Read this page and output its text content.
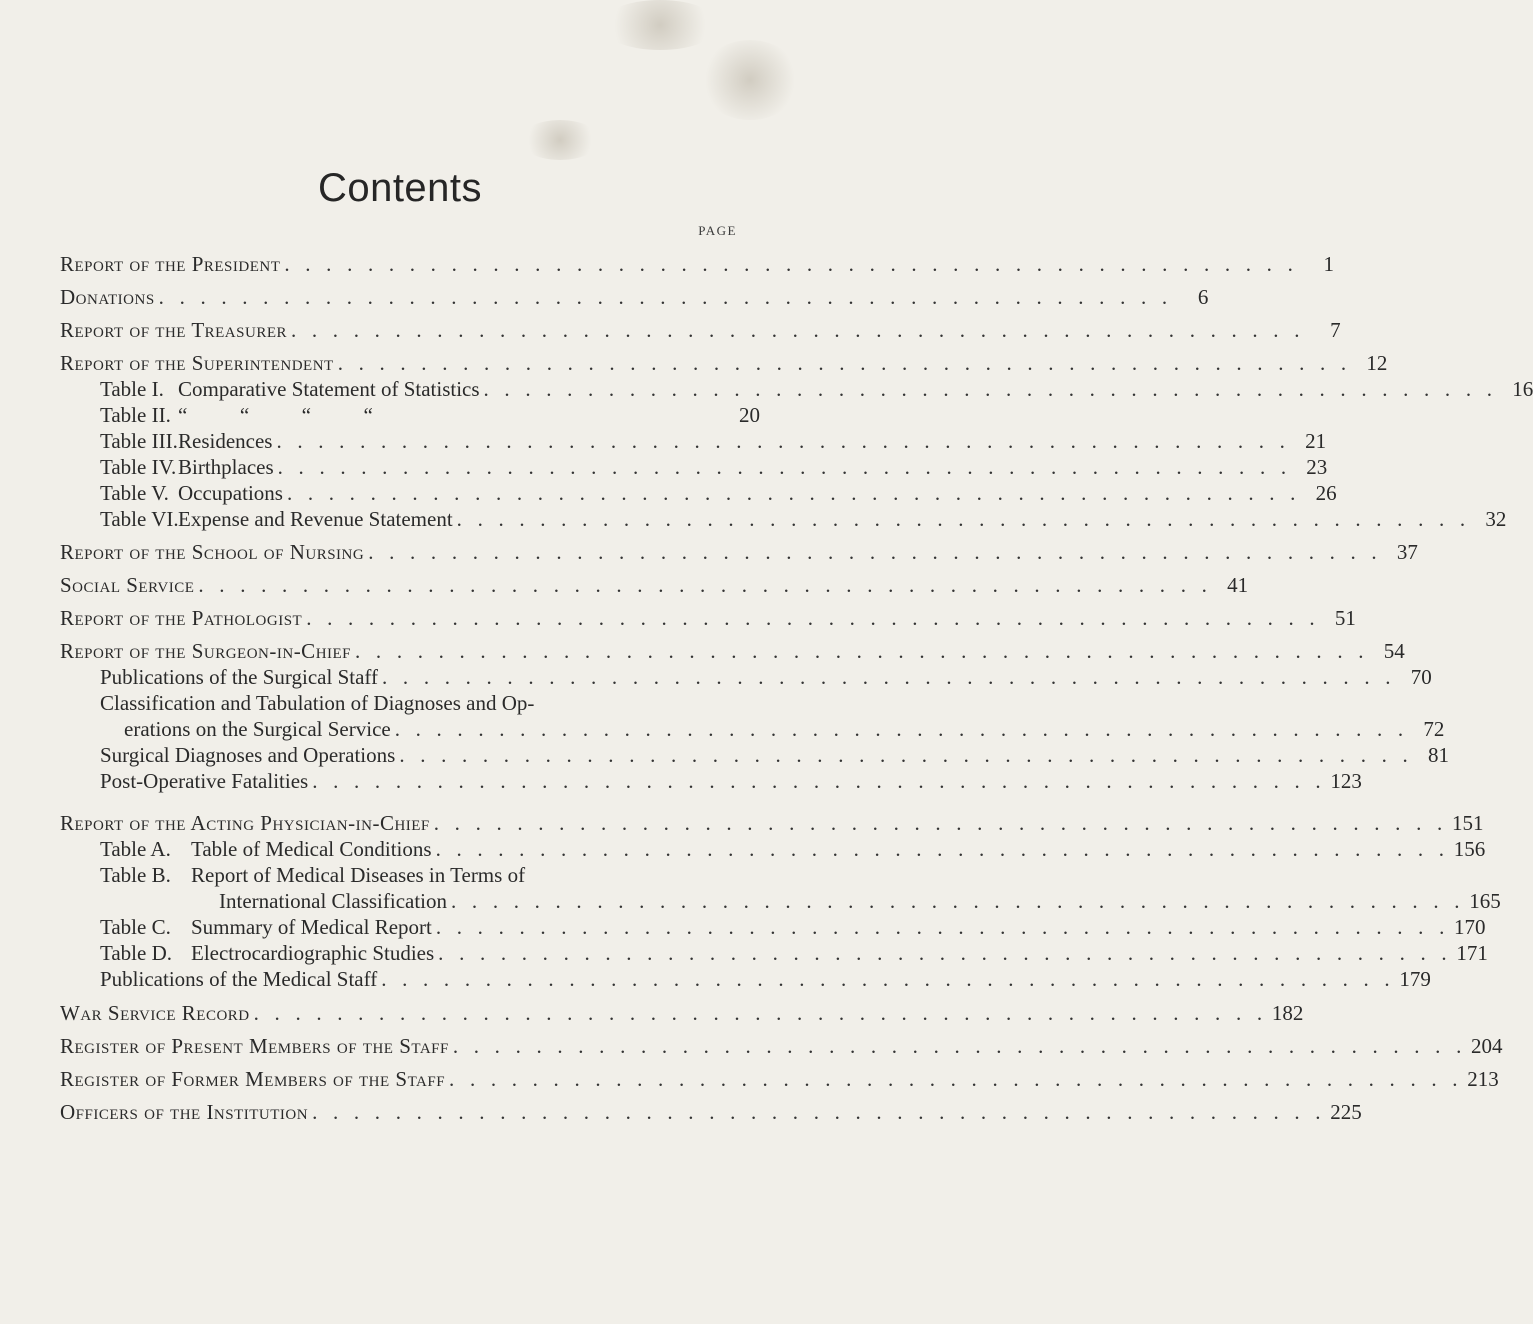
Contents
PAGE
Report of the President . . . . . . . . . . . . . . . . . . . . . . . . . . . . . . . . . . . . . . . . . . . . . . . . .	1
Donations . . . . . . . . . . . . . . . . . . . . . . . . . . . . . . . . . . . . . . . . . . . . . . . . .	6
Report of the Treasurer . . . . . . . . . . . . . . . . . . . . . . . . . . . . . . . . . . . . . . . . . . . . . . . . .	7
Report of the Superintendent . . . . . . . . . . . . . . . . . . . . . . . . . . . . . . . . . . . . . . . . . . . . . . . . . 12
Table I. Comparative Statement of Statistics . . . . . . . . . . . . . . . . . . . . . . . . . . . . . . . . . . . . . . . . . . . . . . . . . 16
Table II. “          “          “          “	20
Table III.Residences . . . . . . . . . . . . . . . . . . . . . . . . . . . . . . . . . . . . . . . . . . . . . . . . . 21
Table IV.Birthplaces . . . . . . . . . . . . . . . . . . . . . . . . . . . . . . . . . . . . . . . . . . . . . . . . . 23
Table V. Occupations . . . . . . . . . . . . . . . . . . . . . . . . . . . . . . . . . . . . . . . . . . . . . . . . . 26
Table VI.Expense and Revenue Statement . . . . . . . . . . . . . . . . . . . . . . . . . . . . . . . . . . . . . . . . . . . . . . . . . 32
Report of the School of Nursing . . . . . . . . . . . . . . . . . . . . . . . . . . . . . . . . . . . . . . . . . . . . . . . . . 37
Social Service . . . . . . . . . . . . . . . . . . . . . . . . . . . . . . . . . . . . . . . . . . . . . . . . . 41
Report of the Pathologist . . . . . . . . . . . . . . . . . . . . . . . . . . . . . . . . . . . . . . . . . . . . . . . . . 51
Report of the Surgeon-in-Chief . . . . . . . . . . . . . . . . . . . . . . . . . . . . . . . . . . . . . . . . . . . . . . . . . 54
Publications of the Surgical Staff . . . . . . . . . . . . . . . . . . . . . . . . . . . . . . . . . . . . . . . . . . . . . . . . . 70
Classification and Tabulation of Diagnoses and Op-
erations on the Surgical Service . . . . . . . . . . . . . . . . . . . . . . . . . . . . . . . . . . . . . . . . . . . . . . . . . 72
Surgical Diagnoses and Operations . . . . . . . . . . . . . . . . . . . . . . . . . . . . . . . . . . . . . . . . . . . . . . . . . 81
Post-Operative Fatalities . . . . . . . . . . . . . . . . . . . . . . . . . . . . . . . . . . . . . . . . . . . . . . . . . 123
Report of the Acting Physician-in-Chief . . . . . . . . . . . . . . . . . . . . . . . . . . . . . . . . . . . . . . . . . . . . . . . . . 151
Table A. Table of Medical Conditions . . . . . . . . . . . . . . . . . . . . . . . . . . . . . . . . . . . . . . . . . . . . . . . . . 156
Table B. Report of Medical Diseases in Terms of
International Classification . . . . . . . . . . . . . . . . . . . . . . . . . . . . . . . . . . . . . . . . . . . . . . . . . 165
Table C. Summary of Medical Report . . . . . . . . . . . . . . . . . . . . . . . . . . . . . . . . . . . . . . . . . . . . . . . . . 170
Table D. Electrocardiographic Studies . . . . . . . . . . . . . . . . . . . . . . . . . . . . . . . . . . . . . . . . . . . . . . . . . 171
Publications of the Medical Staff . . . . . . . . . . . . . . . . . . . . . . . . . . . . . . . . . . . . . . . . . . . . . . . . . 179
War Service Record . . . . . . . . . . . . . . . . . . . . . . . . . . . . . . . . . . . . . . . . . . . . . . . . . 182
Register of Present Members of the Staff . . . . . . . . . . . . . . . . . . . . . . . . . . . . . . . . . . . . . . . . . . . . . . . . . 204
Register of Former Members of the Staff . . . . . . . . . . . . . . . . . . . . . . . . . . . . . . . . . . . . . . . . . . . . . . . . . 213
Officers of the Institution . . . . . . . . . . . . . . . . . . . . . . . . . . . . . . . . . . . . . . . . . . . . . . . . . 225
